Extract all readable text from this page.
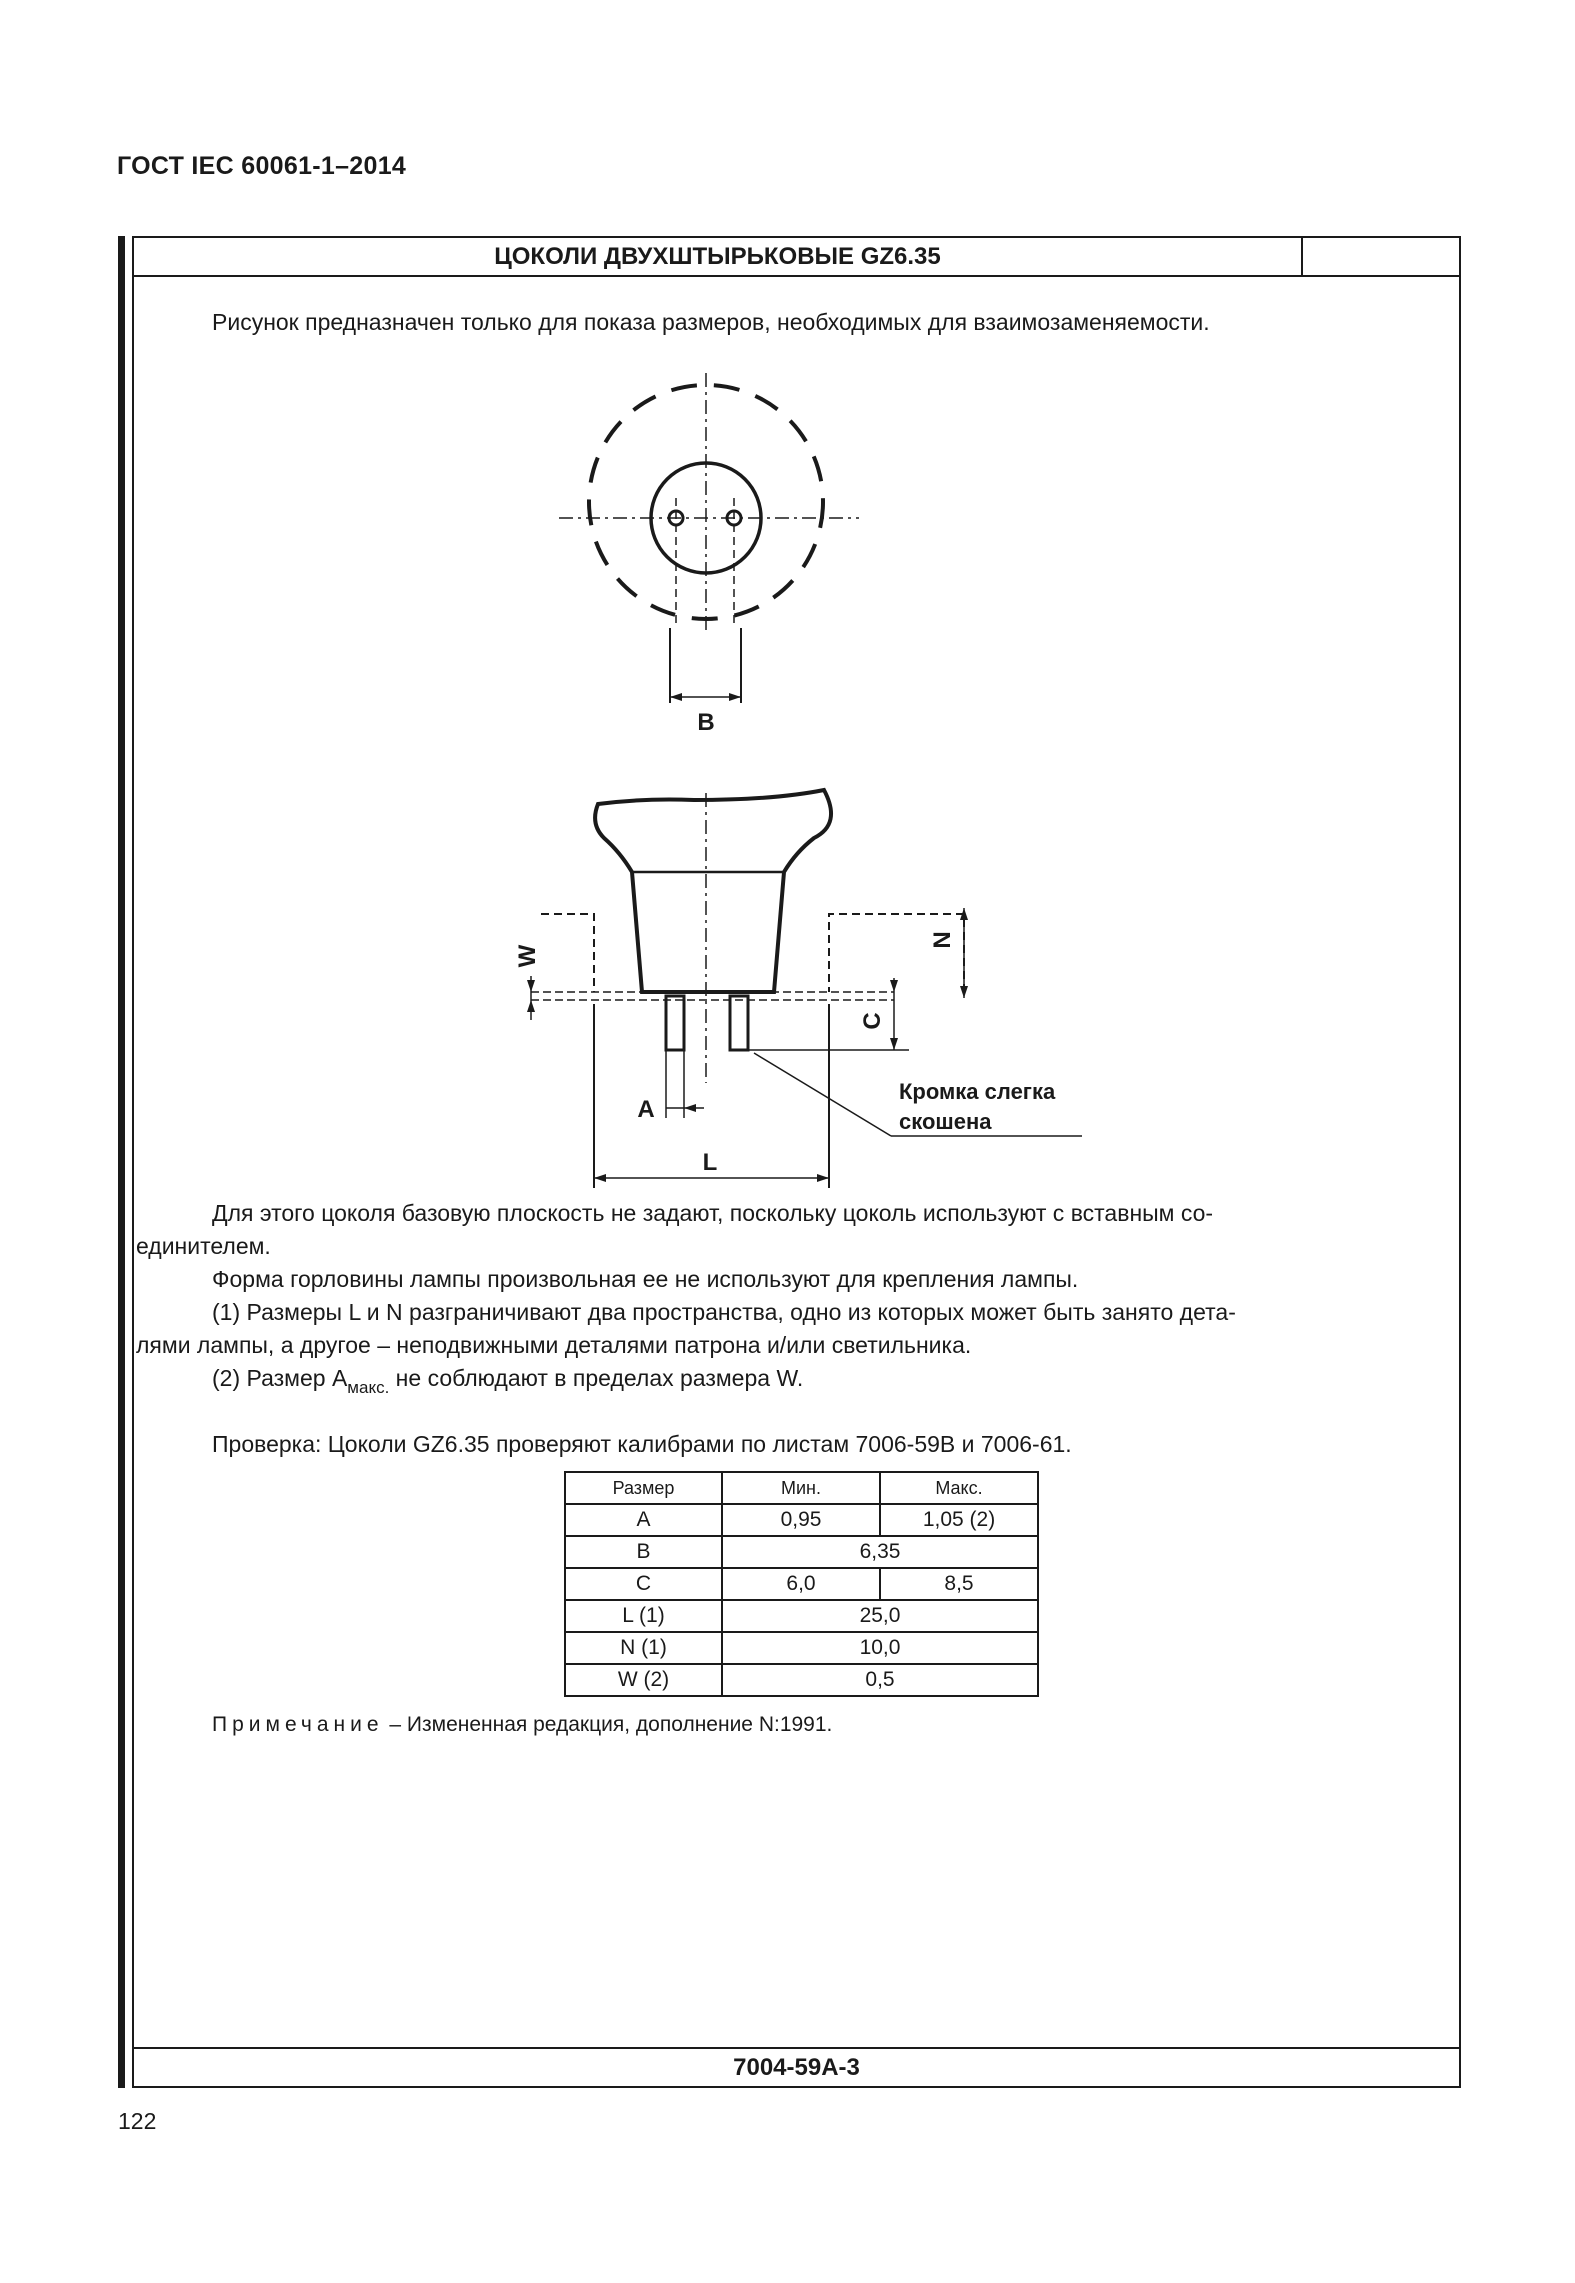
ГОСТ IEC 60061-1–2014
ЦОКОЛИ ДВУХШТЫРЬКОВЫЕ GZ6.35
Рисунок предназначен только для показа размеров, необходимых для взаимозаменяемости.
В
W
N
C
А
L
Кромка слегка
скошена
Для этого цоколя базовую плоскость не задают, поскольку цоколь используют с вставным со-
единителем.
Форма горловины лампы произвольная ее не используют для крепления лампы.
(1) Размеры L и N разграничивают два пространства, одно из которых может быть занято дета-
лями лампы, а другое – неподвижными деталями патрона и/или светильника.
(2) Размер $A_{макс.}$ не соблюдают в пределах размера W.
Проверка: Цоколи GZ6.35 проверяют калибрами по листам 7006-59В и 7006-61.
Размер	Мин.	Макс.
A	0,95	1,05 (2)
B	6,35	
C	6,0	8,5
L (1)	25,0	
N (1)	10,0	
W (2)	0,5	
Примечание – Измененная редакция, дополнение N:1991.
7004-59А-3
122
